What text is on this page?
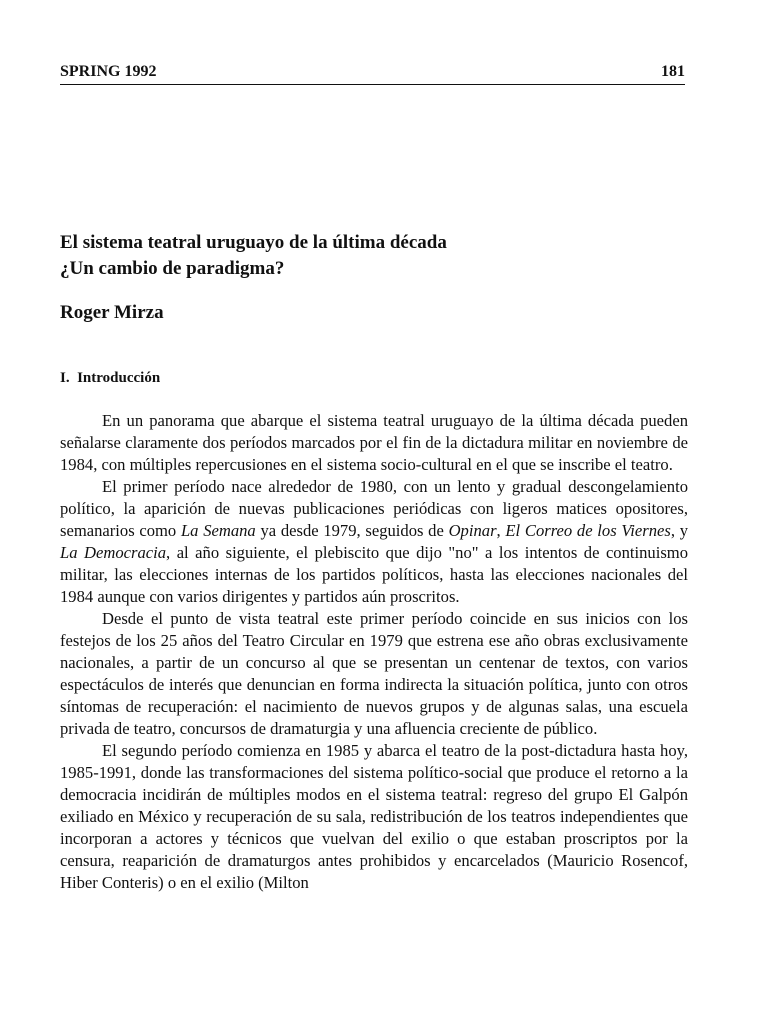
SPRING 1992	181
El sistema teatral uruguayo de la última década
¿Un cambio de paradigma?
Roger Mirza
I.  Introducción

En un panorama que abarque el sistema teatral uruguayo de la última década pueden señalarse claramente dos períodos marcados por el fin de la dictadura militar en noviembre de 1984, con múltiples repercusiones en el sistema socio-cultural en el que se inscribe el teatro.

El primer período nace alrededor de 1980, con un lento y gradual descongelamiento político, la aparición de nuevas publicaciones periódicas con ligeros matices opositores, semanarios como La Semana ya desde 1979, seguidos de Opinar, El Correo de los Viernes, y La Democracia, al año siguiente, el plebiscito que dijo "no" a los intentos de continuismo militar, las elecciones internas de los partidos políticos, hasta las elecciones nacionales del 1984 aunque con varios dirigentes y partidos aún proscritos.

Desde el punto de vista teatral este primer período coincide en sus inicios con los festejos de los 25 años del Teatro Circular en 1979 que estrena ese año obras exclusivamente nacionales, a partir de un concurso al que se presentan un centenar de textos, con varios espectáculos de interés que denuncian en forma indirecta la situación política, junto con otros síntomas de recuperación: el nacimiento de nuevos grupos y de algunas salas, una escuela privada de teatro, concursos de dramaturgia y una afluencia creciente de público.

El segundo período comienza en 1985 y abarca el teatro de la post-dictadura hasta hoy, 1985-1991, donde las transformaciones del sistema político-social que produce el retorno a la democracia incidirán de múltiples modos en el sistema teatral: regreso del grupo El Galpón exiliado en México y recuperación de su sala, redistribución de los teatros independientes que incorporan a actores y técnicos que vuelvan del exilio o que estaban proscriptos por la censura, reaparición de dramaturgos antes prohibidos y encarcelados (Mauricio Rosencof, Hiber Conteris) o en el exilio (Milton
